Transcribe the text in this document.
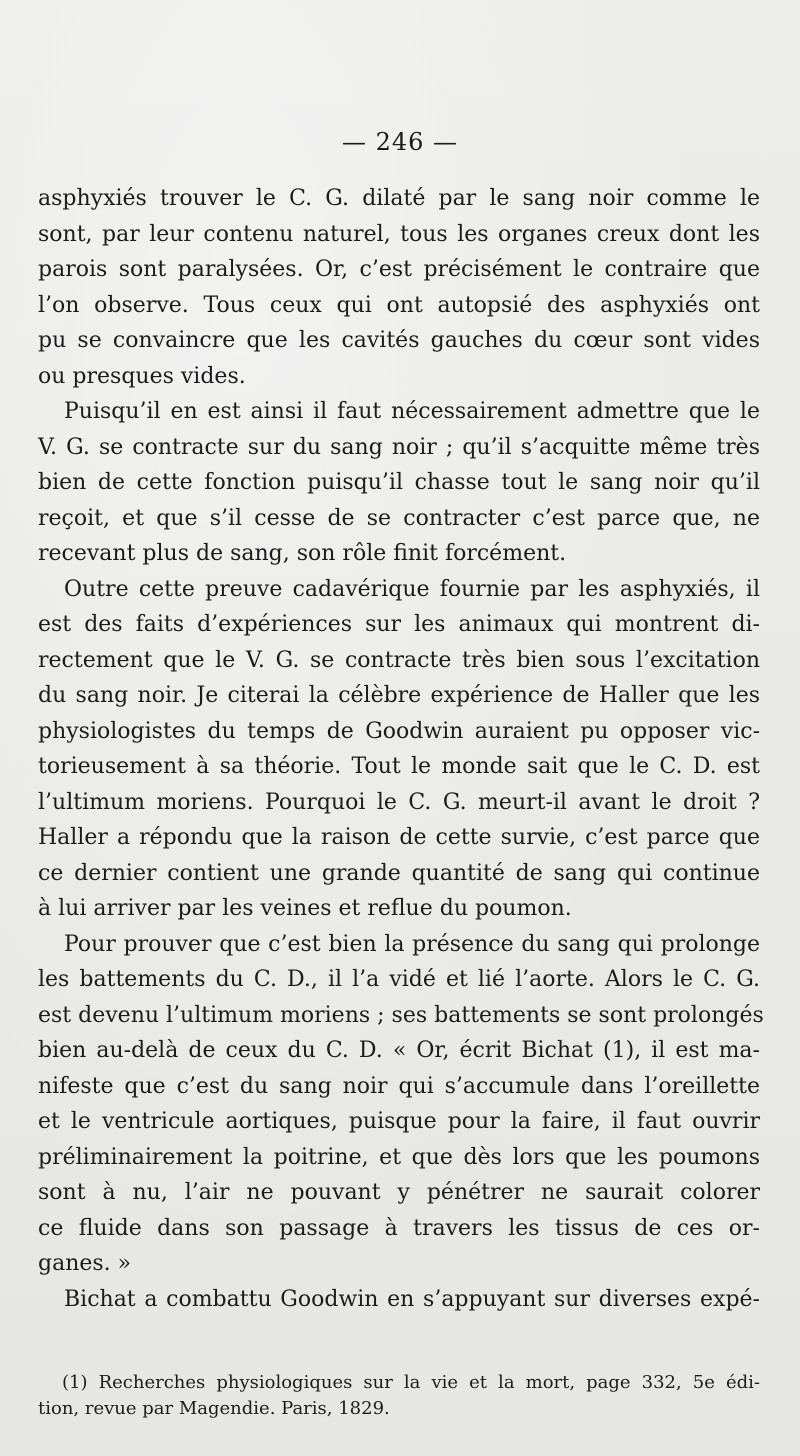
— 246 —
asphyxiés trouver le C. G. dilaté par le sang noir comme le
sont, par leur contenu naturel, tous les organes creux dont les
parois sont paralysées. Or, c’est précisément le contraire que
l’on observe. Tous ceux qui ont autopsié des asphyxiés ont
pu se convaincre que les cavités gauches du cœur sont vides
ou presques vides.
Puisqu’il en est ainsi il faut nécessairement admettre que le
V. G. se contracte sur du sang noir ; qu’il s’acquitte même très
bien de cette fonction puisqu’il chasse tout le sang noir qu’il
reçoit, et que s’il cesse de se contracter c’est parce que, ne
recevant plus de sang, son rôle finit forcément.
Outre cette preuve cadavérique fournie par les asphyxiés, il
est des faits d’expériences sur les animaux qui montrent di-
rectement que le V. G. se contracte très bien sous l’excitation
du sang noir. Je citerai la célèbre expérience de Haller que les
physiologistes du temps de Goodwin auraient pu opposer vic-
torieusement à sa théorie. Tout le monde sait que le C. D. est
l’ultimum moriens. Pourquoi le C. G. meurt-il avant le droit ?
Haller a répondu que la raison de cette survie, c’est parce que
ce dernier contient une grande quantité de sang qui continue
à lui arriver par les veines et reflue du poumon.
Pour prouver que c’est bien la présence du sang qui prolonge
les battements du C. D., il l’a vidé et lié l’aorte. Alors le C. G.
est devenu l’ultimum moriens ; ses battements se sont prolongés
bien au-delà de ceux du C. D. « Or, écrit Bichat (1), il est ma-
nifeste que c’est du sang noir qui s’accumule dans l’oreillette
et le ventricule aortiques, puisque pour la faire, il faut ouvrir
préliminairement la poitrine, et que dès lors que les poumons
sont à nu, l’air ne pouvant y pénétrer ne saurait colorer
ce fluide dans son passage à travers les tissus de ces or-
ganes. »
Bichat a combattu Goodwin en s’appuyant sur diverses expé-
(1) Recherches physiologiques sur la vie et la mort, page 332, 5e édi-
tion, revue par Magendie. Paris, 1829.
